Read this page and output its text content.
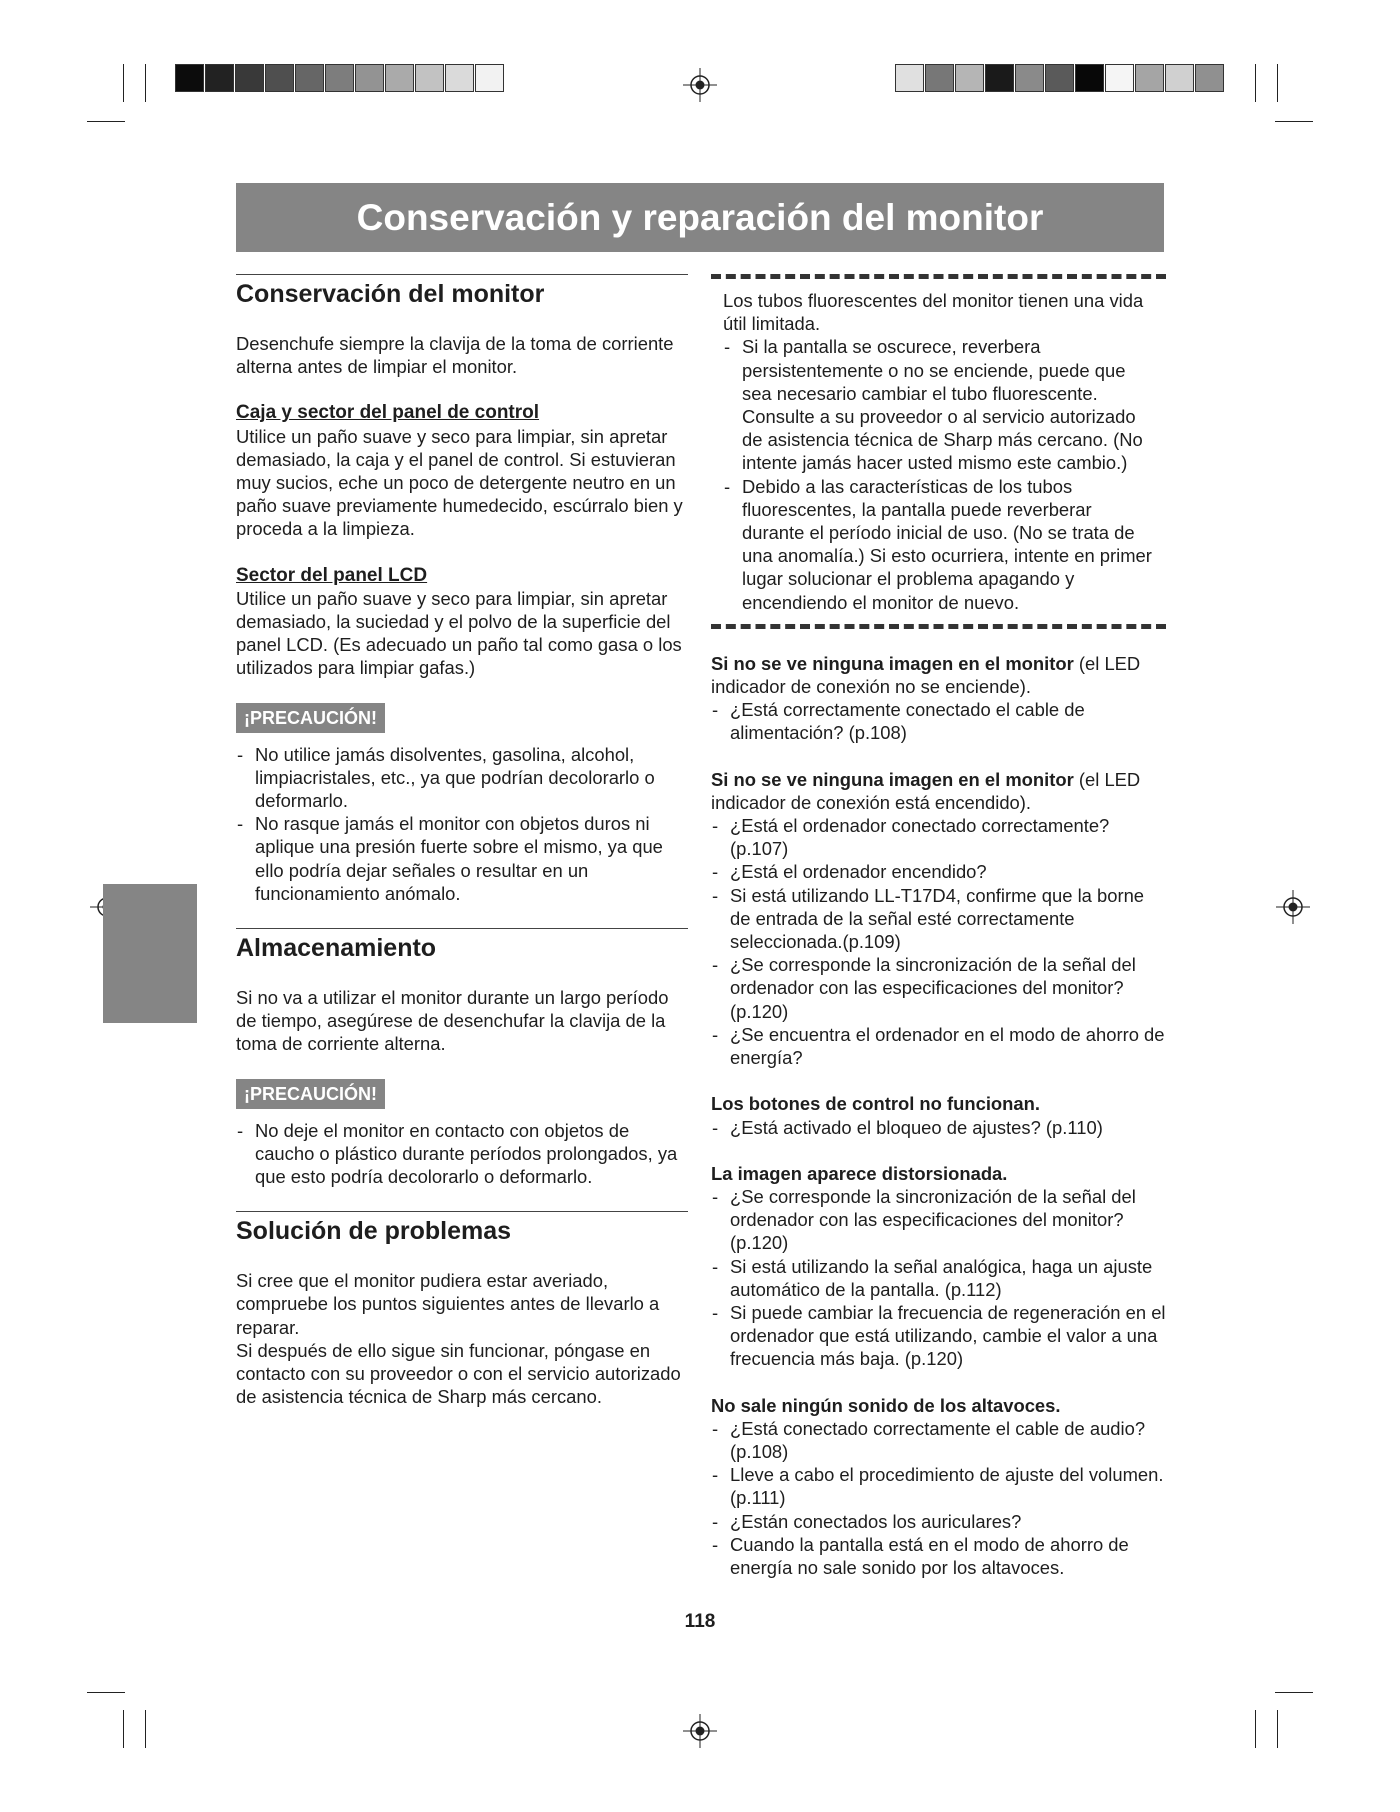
Conservación y reparación del monitor
Conservación del monitor

Desenchufe siempre la clavija de la toma de corriente alterna antes de limpiar el monitor.

Caja y sector del panel de control

Utilice un paño suave y seco para limpiar, sin apretar demasiado, la caja y el panel de control. Si estuvieran muy sucios, eche un poco de detergente neutro en un paño suave previamente humedecido, escúrralo bien y proceda a la limpieza.

Sector del panel LCD

Utilice un paño suave y seco para limpiar, sin apretar demasiado, la suciedad y el polvo de la superficie del panel LCD. (Es adecuado un paño tal como gasa o los utilizados para limpiar gafas.)

¡PRECAUCIÓN!
- No utilice jamás disolventes, gasolina, alcohol, limpiacristales, etc., ya que podrían decolorarlo o deformarlo.
- No rasque jamás el monitor con objetos duros ni aplique una presión fuerte sobre el mismo, ya que ello podría dejar señales o resultar en un funcionamiento anómalo.
Almacenamiento

Si no va a utilizar el monitor durante un largo período de tiempo, asegúrese de desenchufar la clavija de la toma de corriente alterna.

¡PRECAUCIÓN!
- No deje el monitor en contacto con objetos de caucho o plástico durante períodos prolongados, ya que esto podría decolorarlo o deformarlo.
Solución de problemas

Si cree que el monitor pudiera estar averiado, compruebe los puntos siguientes antes de llevarlo a reparar.

Si después de ello sigue sin funcionar, póngase en contacto con su proveedor o con el servicio autorizado de asistencia técnica de Sharp más cercano.

Los tubos fluorescentes del monitor tienen una vida útil limitada.

- Si la pantalla se oscurece, reverbera persistentemente o no se enciende, puede que sea necesario cambiar el tubo fluorescente. Consulte a su proveedor o al servicio autorizado de asistencia técnica de Sharp más cercano. (No intente jamás hacer usted mismo este cambio.)
- Debido a las características de los tubos fluorescentes, la pantalla puede reverberar durante el período inicial de uso. (No se trata de una anomalía.) Si esto ocurriera, intente en primer lugar solucionar el problema apagando y encendiendo el monitor de nuevo.

Si no se ve ninguna imagen en el monitor (el LED indicador de conexión no se enciende).

- ¿Está correctamente conectado el cable de alimentación? (p.108)

Si no se ve ninguna imagen en el monitor (el LED indicador de conexión está encendido).

- ¿Está el ordenador conectado correctamente? (p.107)
- ¿Está el ordenador encendido?
- Si está utilizando LL-T17D4, confirme que la borne de entrada de la señal esté correctamente seleccionada.(p.109)
- ¿Se corresponde la sincronización de la señal del ordenador con las especificaciones del monitor? (p.120)
- ¿Se encuentra el ordenador en el modo de ahorro de energía?

Los botones de control no funcionan.

- ¿Está activado el bloqueo de ajustes? (p.110)

La imagen aparece distorsionada.

- ¿Se corresponde la sincronización de la señal del ordenador con las especificaciones del monitor? (p.120)
- Si está utilizando la señal analógica, haga un ajuste automático de la pantalla. (p.112)
- Si puede cambiar la frecuencia de regeneración en el ordenador que está utilizando, cambie el valor a una frecuencia más baja. (p.120)

No sale ningún sonido de los altavoces.

- ¿Está conectado correctamente el cable de audio? (p.108)
- Lleve a cabo el procedimiento de ajuste del volumen. (p.111)
- ¿Están conectados los auriculares?
- Cuando la pantalla está en el modo de ahorro de energía no sale sonido por los altavoces.
118
